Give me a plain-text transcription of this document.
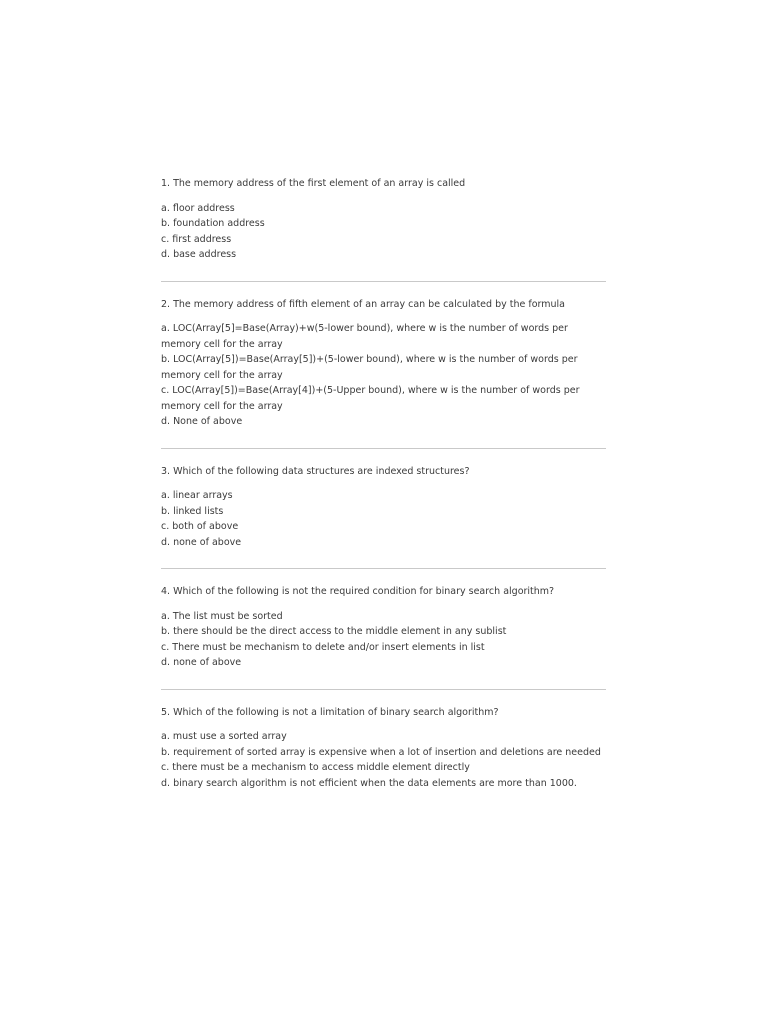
1. The memory address of the first element of an array is called

a. floor address
b. foundation address
c. first address
d. base address

2. The memory address of fifth element of an array can be calculated by the formula

a. LOC(Array[5]=Base(Array)+w(5-lower bound), where w is the number of words per memory cell for the array
b. LOC(Array[5])=Base(Array[5])+(5-lower bound), where w is the number of words per memory cell for the array
c. LOC(Array[5])=Base(Array[4])+(5-Upper bound), where w is the number of words per memory cell for the array
d. None of above

3. Which of the following data structures are indexed structures?

a. linear arrays
b. linked lists
c. both of above
d. none of above

4. Which of the following is not the required condition for binary search algorithm?

a. The list must be sorted
b. there should be the direct access to the middle element in any sublist
c. There must be mechanism to delete and/or insert elements in list
d. none of above

5. Which of the following is not a limitation of binary search algorithm?

a. must use a sorted array
b. requirement of sorted array is expensive when a lot of insertion and deletions are needed
c. there must be a mechanism to access middle element directly
d. binary search algorithm is not efficient when the data elements are more than 1000.
